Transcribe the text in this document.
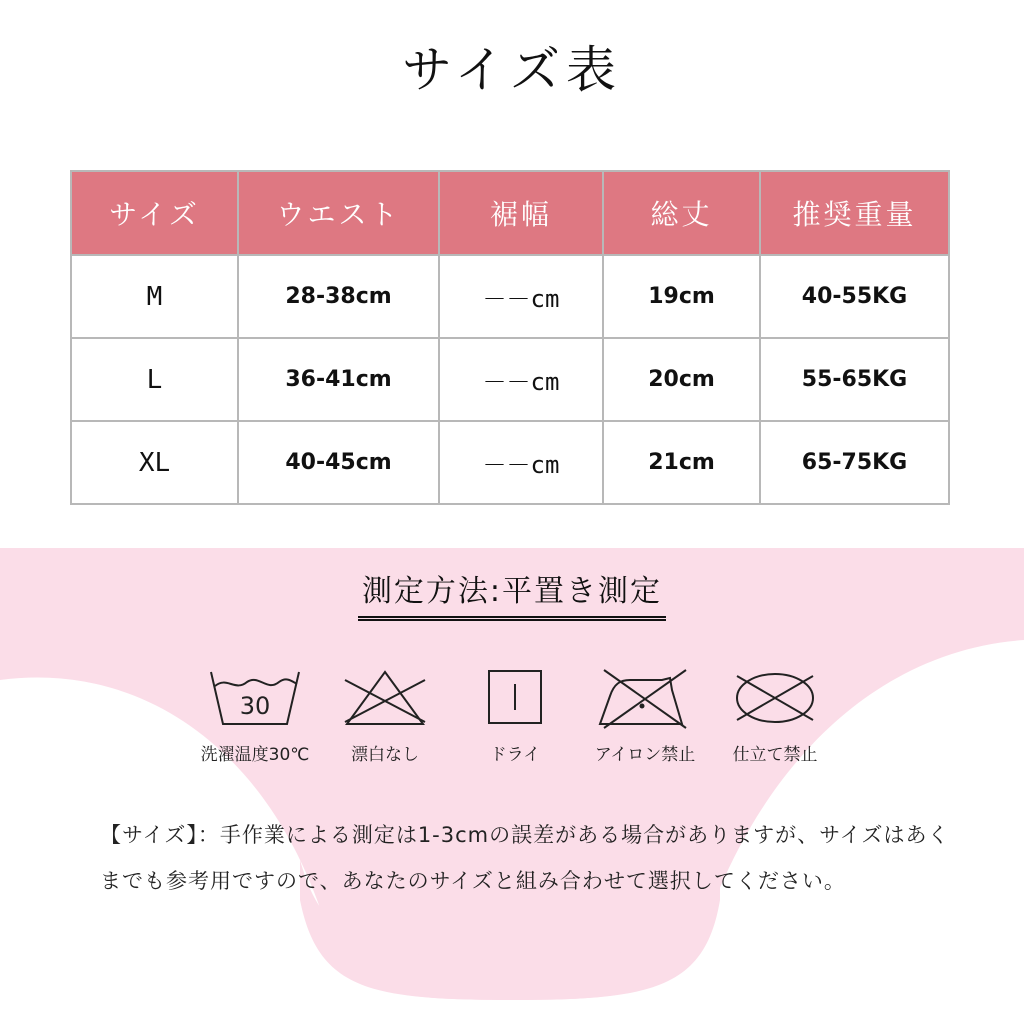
サイズ表
サイズ	ウエスト	裾幅	総丈	推奨重量
M	28-38cm	－－cm	19cm	40-55KG
L	36-41cm	－－cm	20cm	55-65KG
XL	40-45cm	－－cm	21cm	65-75KG
測定方法:平置き測定
30
洗濯温度30℃	漂白なし	ドライ	アイロン禁止	仕立て禁止
【サイズ】：手作業による測定は1-3cmの誤差がある場合がありますが、サイズはあくまでも参考用ですので、あなたのサイズと組み合わせて選択してください。
